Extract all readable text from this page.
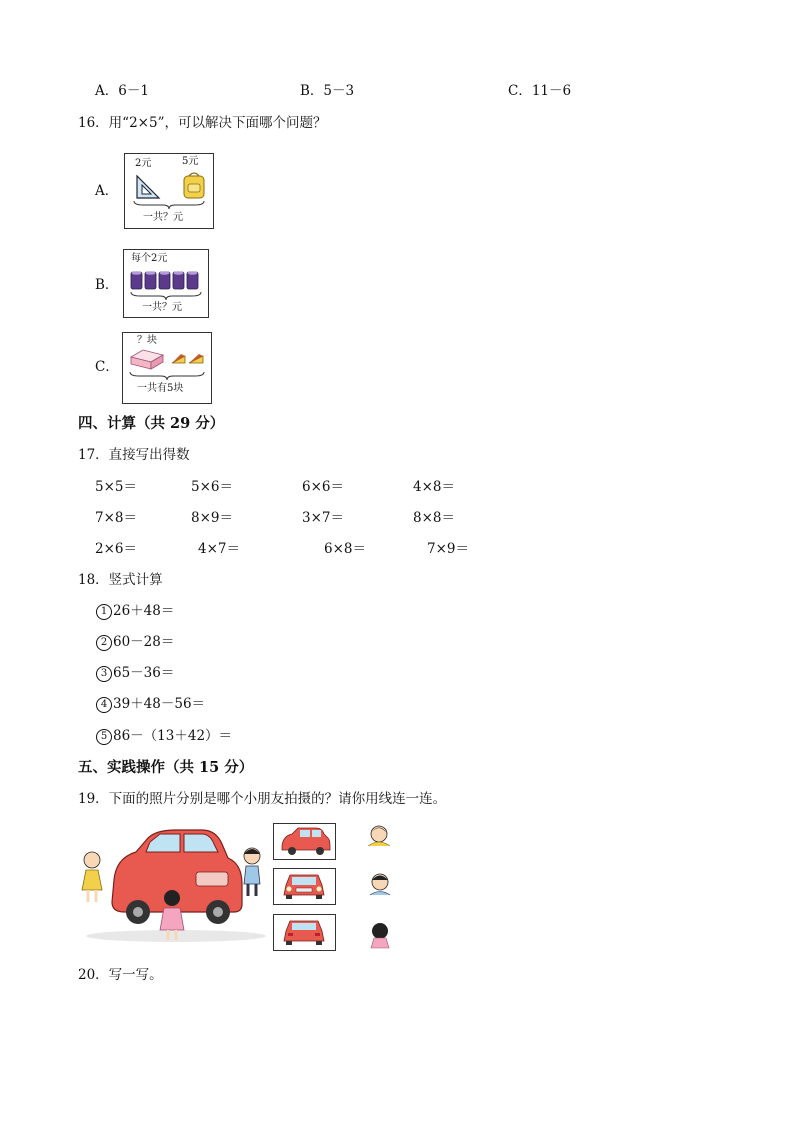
A．6－1	B．5－3	C．11－6
16．用“2×5”，可以解决下面哪个问题？
A．
2元	5元
一共？元
B．
每个2元
一共？元
C．
？块
一共有5块
四、计算（共 29 分）
17．直接写出得数
5×5＝	5×6＝	6×6＝	4×8＝
7×8＝	8×9＝	3×7＝	8×8＝
2×6＝	4×7＝	6×8＝	7×9＝
18．竖式计算
1 26＋48＝
2 60－28＝
3 65－36＝
4 39＋48－56＝
5 86－（13＋42）＝
五、实践操作（共 15 分）
19．下面的照片分别是哪个小朋友拍摄的？请你用线连一连。
20．写一写。
